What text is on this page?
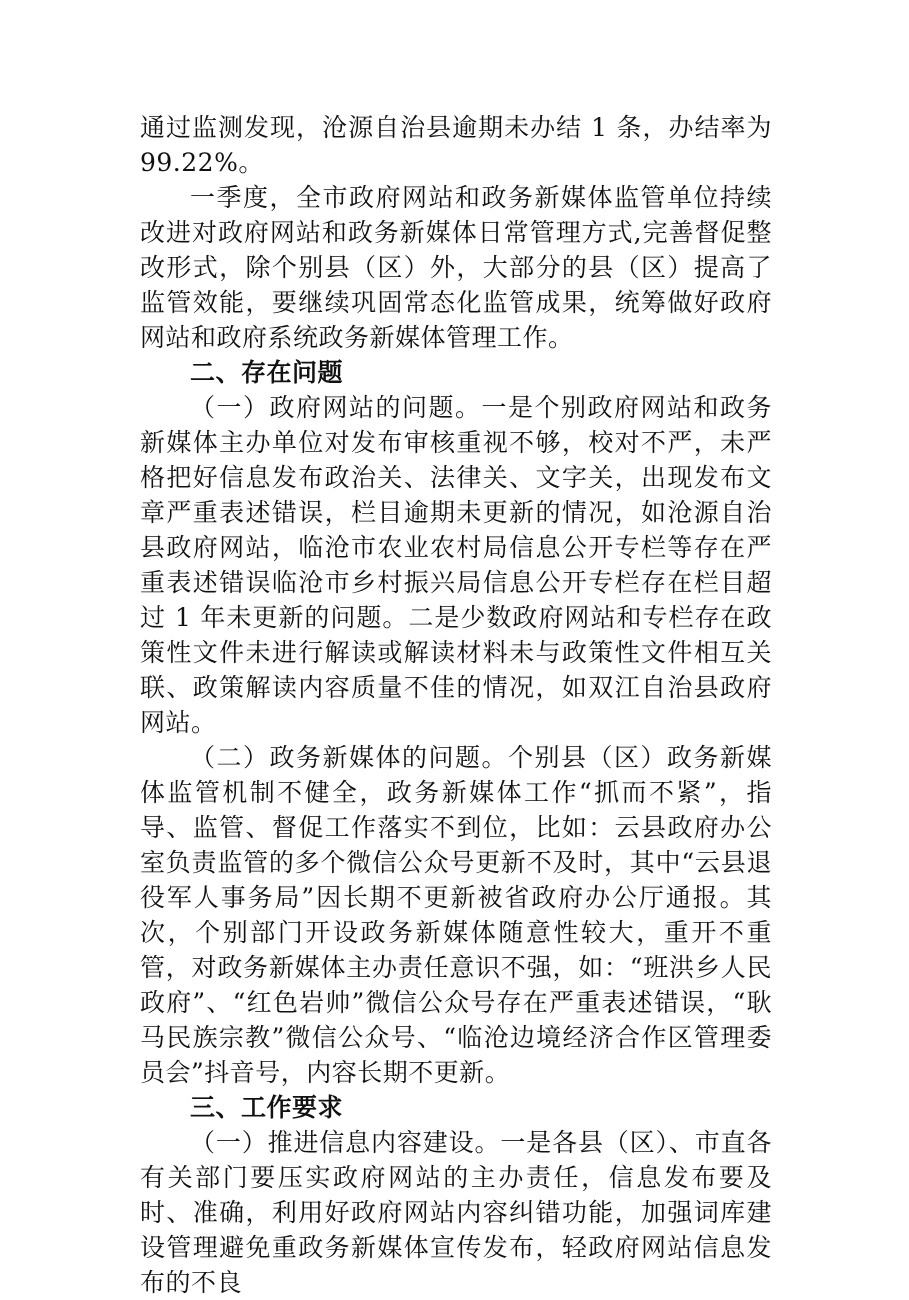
通过监测发现，沧源自治县逾期未办结 1 条，办结率为 99.22%。

一季度，全市政府网站和政务新媒体监管单位持续改进对政府网站和政务新媒体日常管理方式,完善督促整改形式，除个别县（区）外，大部分的县（区）提高了监管效能，要继续巩固常态化监管成果，统筹做好政府网站和政府系统政务新媒体管理工作。

二、存在问题

（一）政府网站的问题。一是个别政府网站和政务新媒体主办单位对发布审核重视不够，校对不严，未严格把好信息发布政治关、法律关、文字关，出现发布文章严重表述错误，栏目逾期未更新的情况，如沧源自治县政府网站，临沧市农业农村局信息公开专栏等存在严重表述错误临沧市乡村振兴局信息公开专栏存在栏目超过 1 年未更新的问题。二是少数政府网站和专栏存在政策性文件未进行解读或解读材料未与政策性文件相互关联、政策解读内容质量不佳的情况，如双江自治县政府网站。

（二）政务新媒体的问题。个别县（区）政务新媒体监管机制不健全，政务新媒体工作“抓而不紧”，指导、监管、督促工作落实不到位，比如：云县政府办公室负责监管的多个微信公众号更新不及时，其中“云县退役军人事务局”因长期不更新被省政府办公厅通报。其次，个别部门开设政务新媒体随意性较大，重开不重管，对政务新媒体主办责任意识不强，如：“班洪乡人民政府”、“红色岩帅”微信公众号存在严重表述错误，“耿马民族宗教”微信公众号、“临沧边境经济合作区管理委员会”抖音号，内容长期不更新。

三、工作要求

（一）推进信息内容建设。一是各县（区）、市直各有关部门要压实政府网站的主办责任，信息发布要及时、准确，利用好政府网站内容纠错功能，加强词库建设管理避免重政务新媒体宣传发布，轻政府网站信息发布的不良
